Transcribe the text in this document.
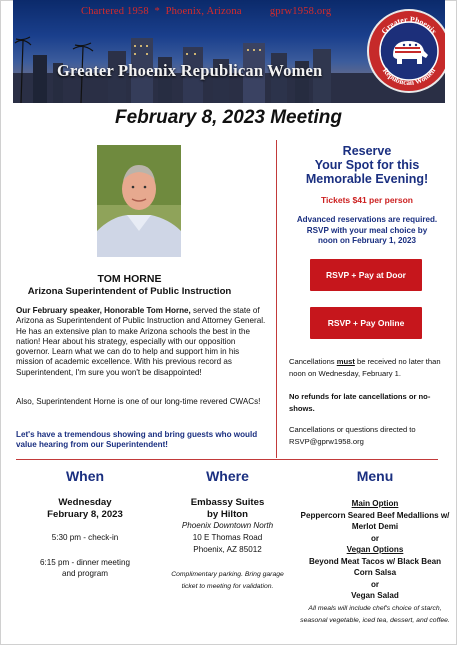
Chartered 1958  *  Phoenix, Arizona          gprw1958.org
Greater Phoenix Republican Women
Greater Phoenix
Republican Women
February 8, 2023 Meeting
TOM HORNE
Arizona Superintendent of Public Instruction
Our February speaker, Honorable Tom Horne, served the state of Arizona as Superintendent of Public Instruction and Attorney General. He has an extensive plan to make Arizona schools the best in the nation! Hear about his strategy, especially with our opposition governor. Learn what we can do to help and support him in his mission of academic excellence. With his previous record as Superintendent, I'm sure you won't be disappointed!
Also, Superintendent Horne is one of our long-time revered CWACs!
Let's have a tremendous showing and bring guests who would value hearing from our Superintendent!
Reserve
Your Spot for this
Memorable Evening!
Tickets $41 per person
Advanced reservations are required.
RSVP with your meal choice by
noon on February 1, 2023
RSVP + Pay at Door
RSVP + Pay Online
Cancellations must be received no later than noon on Wednesday, February 1.
No refunds for late cancellations or no-shows.
Cancellations or questions directed to
RSVP@gprw1958.org
When
Wednesday
February 8, 2023
5:30 pm - check-in
6:15 pm - dinner meeting
and program
Where
Embassy Suites
by Hilton
Phoenix Downtown North
10 E Thomas Road
Phoenix, AZ 85012
Complimentary parking. Bring garage ticket to meeting for validation.
Menu
Main Option
Peppercorn Seared Beef Medallions w/ Merlot Demi
or
Vegan Options
Beyond Meat Tacos w/ Black Bean Corn Salsa
or
Vegan Salad
All meals will include chef's choice of starch, seasonal vegetable, iced tea, dessert, and coffee.
